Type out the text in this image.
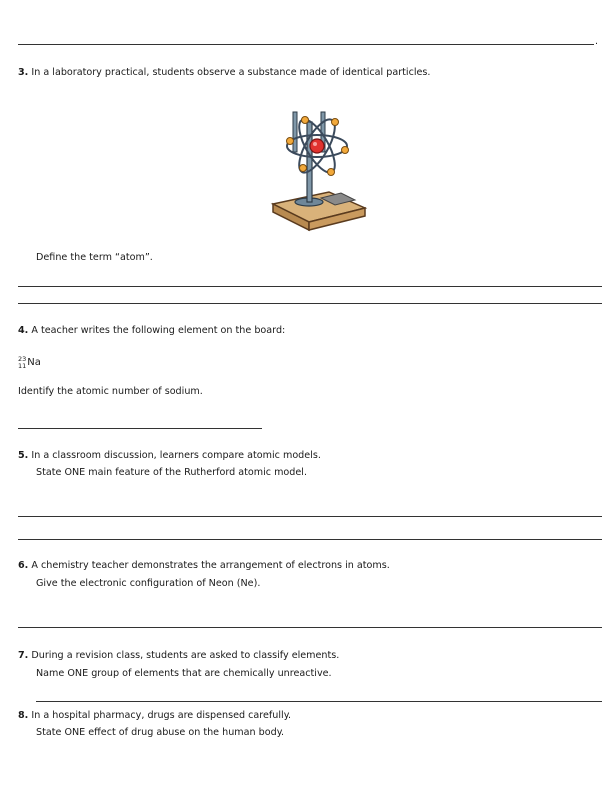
.
3. In a laboratory practical, students observe a substance made of identical particles.
Define the term “atom”.
4. A teacher writes the following element on the board:
23
11 Na
Identify the atomic number of sodium.
5. In a classroom discussion, learners compare atomic models.
State ONE main feature of the Rutherford atomic model.
6. A chemistry teacher demonstrates the arrangement of electrons in atoms.
Give the electronic configuration of Neon (Ne).
7. During a revision class, students are asked to classify elements.
Name ONE group of elements that are chemically unreactive.
8. In a hospital pharmacy, drugs are dispensed carefully.
State ONE effect of drug abuse on the human body.
